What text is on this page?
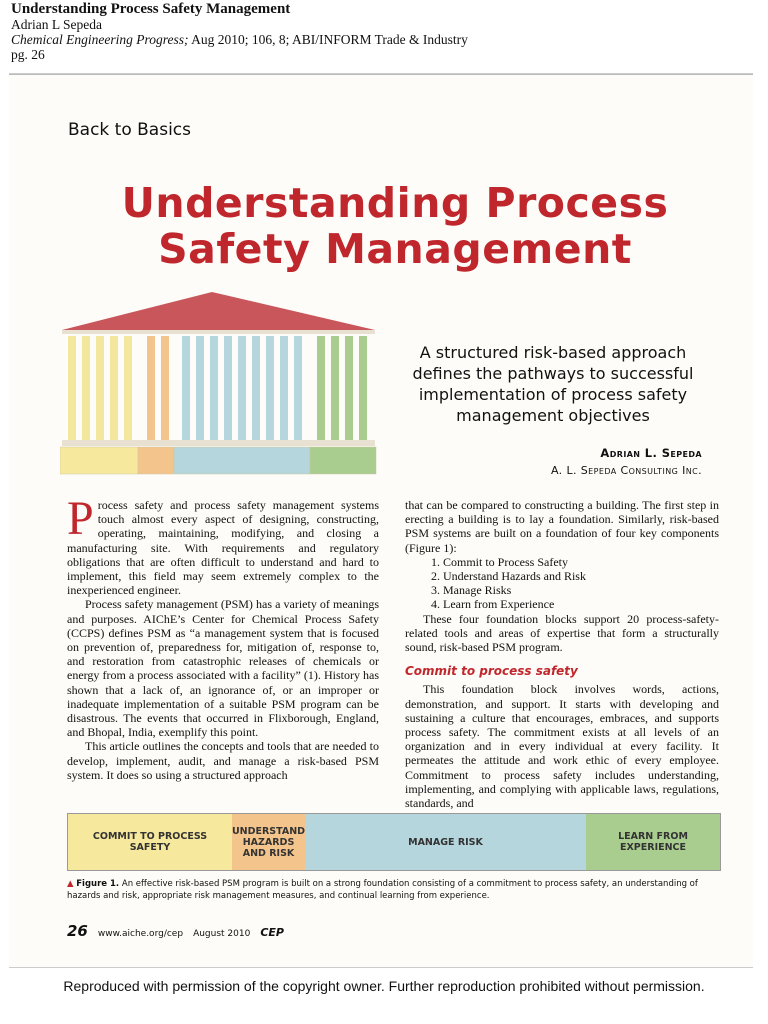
Understanding Process Safety Management
Adrian L Sepeda
Chemical Engineering Progress; Aug 2010; 106, 8; ABI/INFORM Trade & Industry
pg. 26
Back to Basics
Understanding Process
Safety Management
A structured risk-based approach defines the pathways to successful implementation of process safety management objectives
Adrian L. Sepeda
A. L. Sepeda Consulting Inc.

Process safety and process safety management systems touch almost every aspect of designing, constructing, operating, maintaining, modifying, and closing a manufacturing site. With requirements and regulatory obligations that are often difficult to understand and hard to implement, this field may seem extremely complex to the inexperienced engineer.

Process safety management (PSM) has a variety of meanings and purposes. AIChE’s Center for Chemical Process Safety (CCPS) defines PSM as “a management system that is focused on prevention of, preparedness for, mitigation of, response to, and restoration from catastrophic releases of chemicals or energy from a process associated with a facility” (1). History has shown that a lack of, an ignorance of, or an improper or inadequate implementation of a suitable PSM program can be disastrous. The events that occurred in Flixborough, England, and Bhopal, India, exemplify this point.

This article outlines the concepts and tools that are needed to develop, implement, audit, and manage a risk-based PSM system. It does so using a structured approach

that can be compared to constructing a building. The first step in erecting a building is to lay a foundation. Similarly, risk-based PSM systems are built on a foundation of four key components (Figure 1):

1. Commit to Process Safety
2. Understand Hazards and Risk
3. Manage Risks
4. Learn from Experience

These four foundation blocks support 20 process-safety-related tools and areas of expertise that form a structurally sound, risk-based PSM program.

Commit to process safety

This foundation block involves words, actions, demonstration, and support. It starts with developing and sustaining a culture that encourages, embraces, and supports process safety. The commitment exists at all levels of an organization and in every individual at every facility. It permeates the attitude and work ethic of every employee. Commitment to process safety includes understanding, implementing, and complying with applicable laws, regulations, standards, and

COMMIT TO PROCESS SAFETY
UNDERSTAND HAZARDS AND RISK
MANAGE RISK	LEARN FROM EXPERIENCE
▲ Figure 1. An effective risk-based PSM program is built on a strong foundation consisting of a commitment to process safety, an understanding of hazards and risk, appropriate risk management measures, and continual learning from experience.
26 www.aiche.org/cep August 2010 CEP
Reproduced with permission of the copyright owner. Further reproduction prohibited without permission.
